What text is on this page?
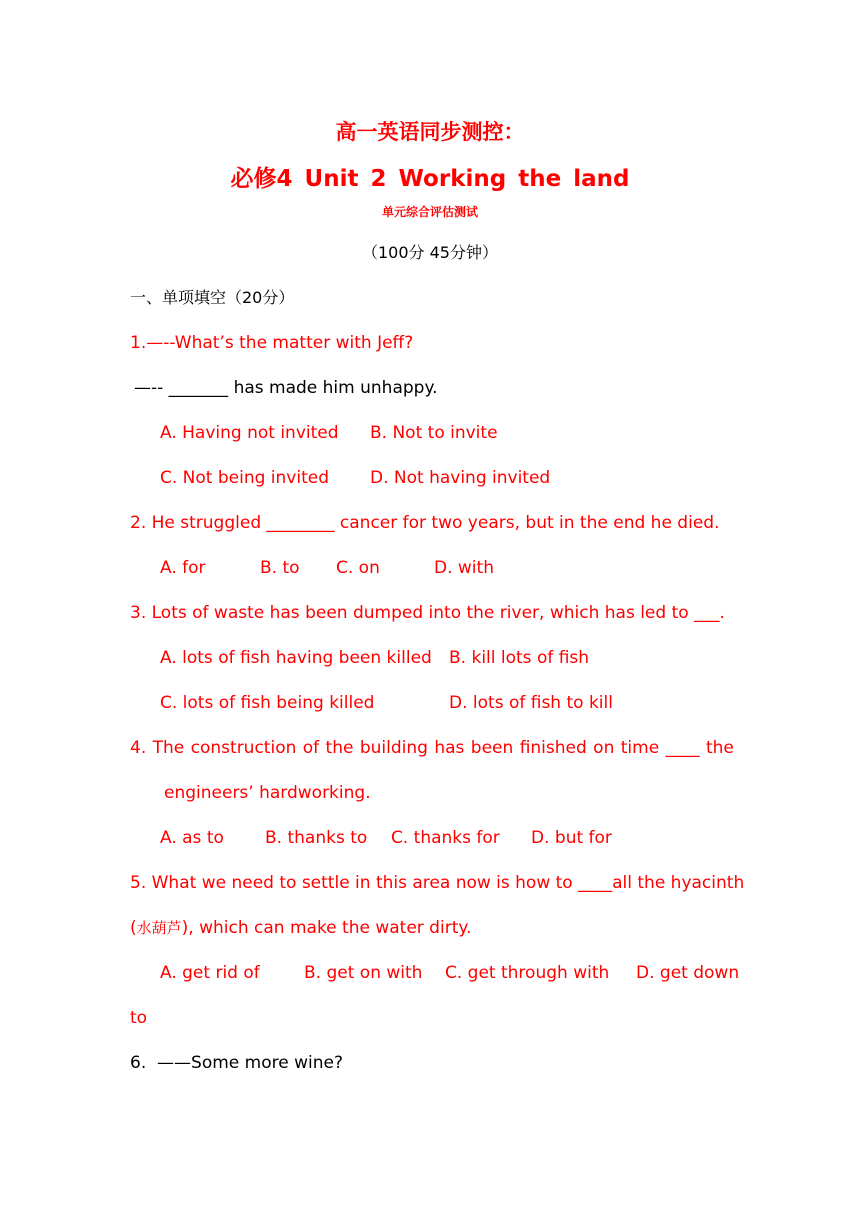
高一英语同步测控：
必修4 Unit 2 Working the land
单元综合评估测试
（100分 45分钟）
一、单项填空（20分）
1.—--What’s the matter with Jeff?
—-- _______ has made him unhappy.
A. Having not invited B. Not to invite
C. Not being invited D. Not having invited
2. He struggled ________ cancer for two years, but in the end he died.
A. for	B. to C. on	D. with
3. Lots of waste has been dumped into the river, which has led to ___.
A. lots of fish having been killed B. kill lots of fish
C. lots of fish being killed	D. lots of fish to kill
4. The construction of the building has been finished on time ____ the
engineers’ hardworking.
A. as to B. thanks to C. thanks for D. but for
5. What we need to settle in this area now is how to ____all the hyacinth
(水葫芦), which can make the water dirty.
A. get rid of	B. get on with C. get through with D. get down
to
6. ——Some more wine?
